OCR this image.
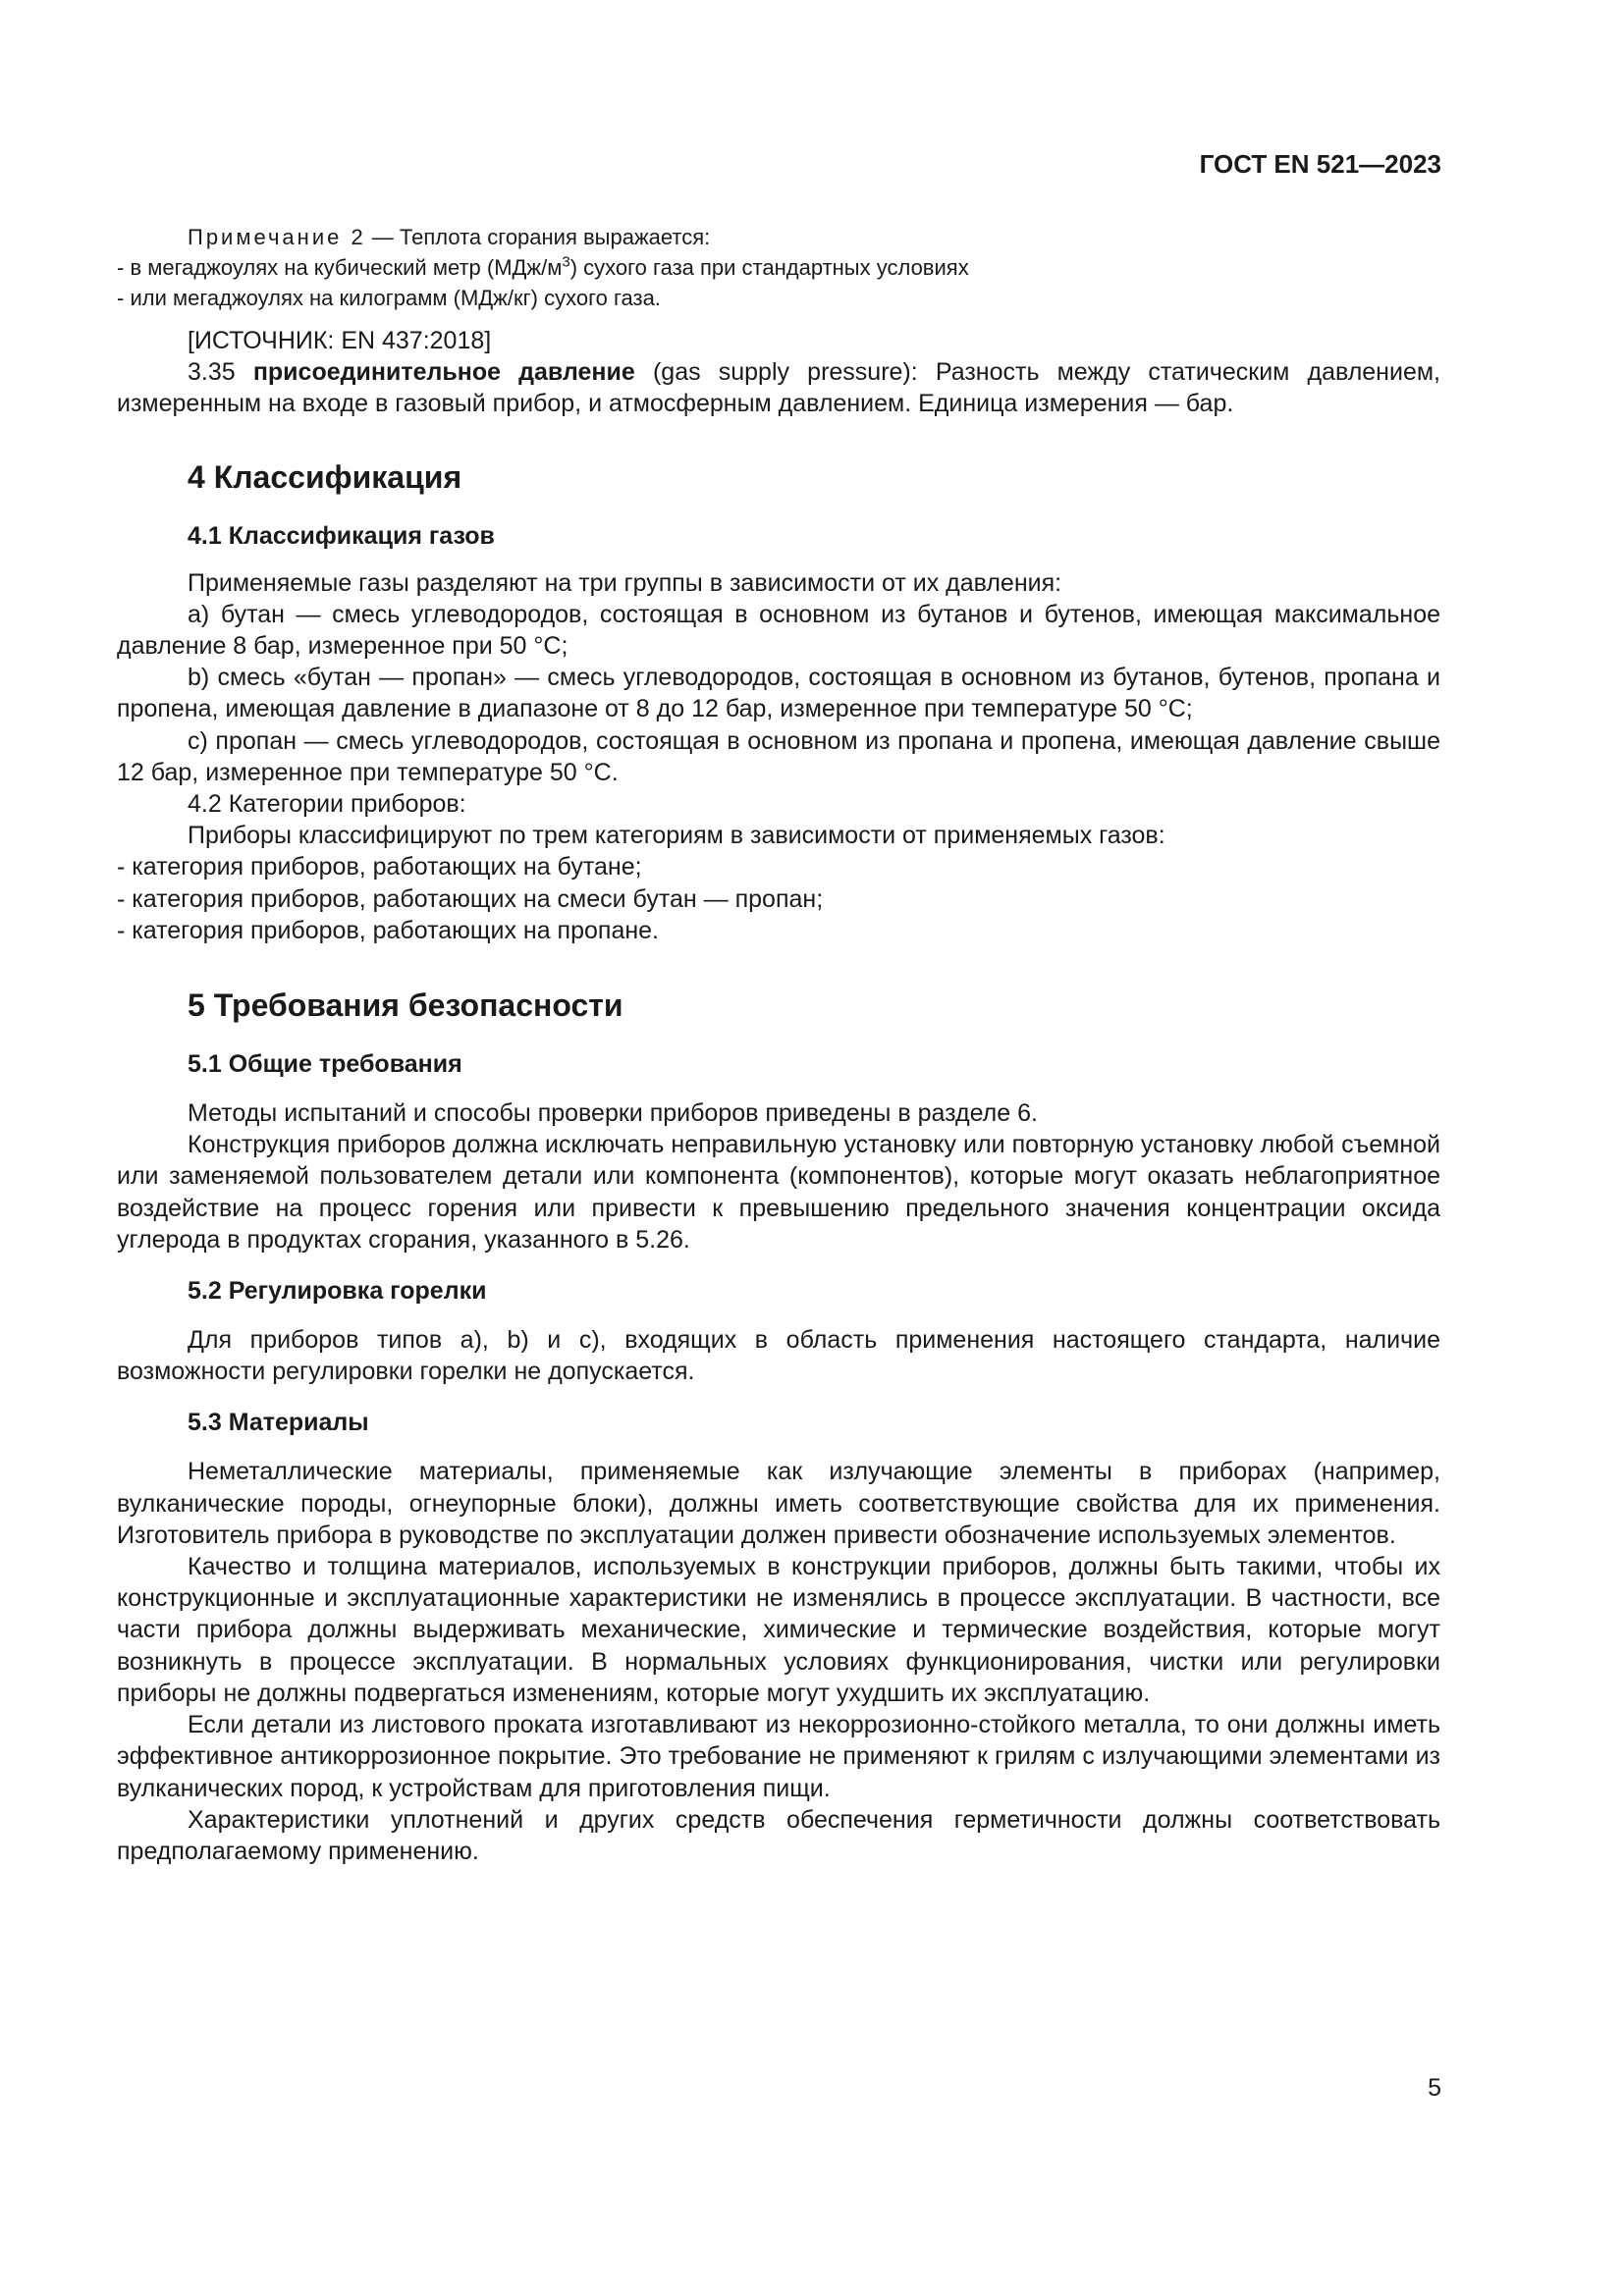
ГОСТ EN 521—2023

Примечание 2 — Теплота сгорания выражается:

- в мегаджоулях на кубический метр $(МДж/м^3)$ сухого газа при стандартных условиях

- или мегаджоулях на килограмм (МДж/кг) сухого газа.

[ИСТОЧНИК: EN 437:2018]

3.35 присоединительное давление (gas supply pressure): Разность между статическим давлением, измеренным на входе в газовый прибор, и атмосферным давлением. Единица измерения — бар.

4 Классификация
4.1 Классификация газов

Применяемые газы разделяют на три группы в зависимости от их давления:

a) бутан — смесь углеводородов, состоящая в основном из бутанов и бутенов, имеющая максимальное давление 8 бар, измеренное при 50 °C;

b) смесь «бутан — пропан» — смесь углеводородов, состоящая в основном из бутанов, бутенов, пропана и пропена, имеющая давление в диапазоне от 8 до 12 бар, измеренное при температуре 50 °C;

c) пропан — смесь углеводородов, состоящая в основном из пропана и пропена, имеющая давление свыше 12 бар, измеренное при температуре 50 °C.

4.2 Категории приборов:

Приборы классифицируют по трем категориям в зависимости от применяемых газов:

- категория приборов, работающих на бутане;

- категория приборов, работающих на смеси бутан — пропан;

- категория приборов, работающих на пропане.

5 Требования безопасности
5.1 Общие требования

Методы испытаний и способы проверки приборов приведены в разделе 6.

Конструкция приборов должна исключать неправильную установку или повторную установку любой съемной или заменяемой пользователем детали или компонента (компонентов), которые могут оказать неблагоприятное воздействие на процесс горения или привести к превышению предельного значения концентрации оксида углерода в продуктах сгорания, указанного в 5.26.

5.2 Регулировка горелки

Для приборов типов a), b) и c), входящих в область применения настоящего стандарта, наличие возможности регулировки горелки не допускается.

5.3 Материалы

Неметаллические материалы, применяемые как излучающие элементы в приборах (например, вулканические породы, огнеупорные блоки), должны иметь соответствующие свойства для их применения. Изготовитель прибора в руководстве по эксплуатации должен привести обозначение используемых элементов.

Качество и толщина материалов, используемых в конструкции приборов, должны быть такими, чтобы их конструкционные и эксплуатационные характеристики не изменялись в процессе эксплуатации. В частности, все части прибора должны выдерживать механические, химические и термические воздействия, которые могут возникнуть в процессе эксплуатации. В нормальных условиях функционирования, чистки или регулировки приборы не должны подвергаться изменениям, которые могут ухудшить их эксплуатацию.

Если детали из листового проката изготавливают из некоррозионно-стойкого металла, то они должны иметь эффективное антикоррозионное покрытие. Это требование не применяют к грилям с излучающими элементами из вулканических пород, к устройствам для приготовления пищи.

Характеристики уплотнений и других средств обеспечения герметичности должны соответствовать предполагаемому применению.

5
